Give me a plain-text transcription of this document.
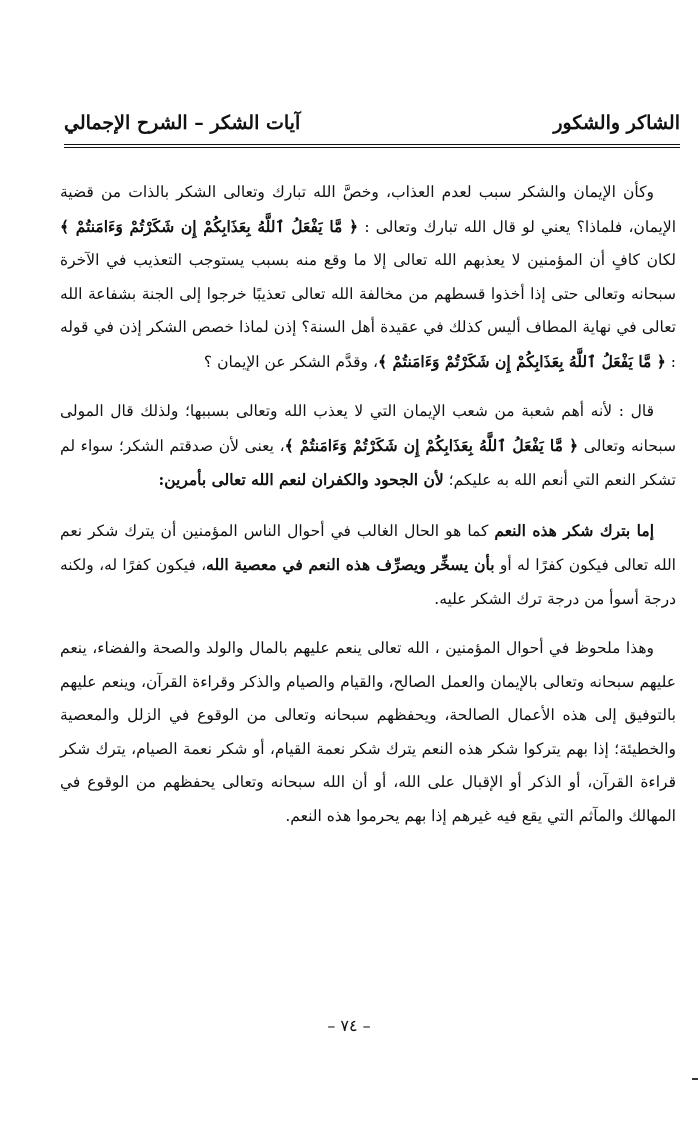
الشاكر والشكور
آيات الشكر – الشرح الإجمالي

وكأن الإيمان والشكر سبب لعدم العذاب، وخصَّ الله تبارك وتعالى الشكر بالذات من قضية الإيمان، فلماذا؟ يعني لو قال الله تبارك وتعالى : ﴿ مَّا يَفْعَلُ ٱللَّهُ بِعَذَابِكُمْ إِن شَكَرْتُمْ وَءَامَنتُمْ ﴾ لكان كافٍ أن المؤمنين لا يعذبهم الله تعالى إلا ما وقع منه بسبب يستوجب التعذيب في الآخرة سبحانه وتعالى حتى إذا أخذوا قسطهم من مخالفة الله تعالى تعذيبًا خرجوا إلى الجنة بشفاعة الله تعالى في نهاية المطاف أليس كذلك في عقيدة أهل السنة؟ إذن لماذا خصص الشكر إذن في قوله : ﴿ مَّا يَفْعَلُ ٱللَّهُ بِعَذَابِكُمْ إِن شَكَرْتُمْ وَءَامَنتُمْ ﴾، وقدَّم الشكر عن الإيمان ؟

قال : لأنه أهم شعبة من شعب الإيمان التي لا يعذب الله وتعالى بسببها؛ ولذلك قال المولى سبحانه وتعالى ﴿ مَّا يَفْعَلُ ٱللَّهُ بِعَذَابِكُمْ إِن شَكَرْتُمْ وَءَامَنتُمْ ﴾، يعنى لأن صدقتم الشكر؛ سواء لم تشكر النعم التي أنعم الله به عليكم؛ لأن الجحود والكفران لنعم الله تعالى بأمرين:

إما بترك شكر هذه النعم كما هو الحال الغالب في أحوال الناس المؤمنين أن يترك شكر نعم الله تعالى فيكون كفرًا له أو بأن يسخِّر ويصرِّف هذه النعم في معصية الله، فيكون كفرًا له، ولكنه درجة أسوأ من درجة ترك الشكر عليه.

وهذا ملحوظ في أحوال المؤمنين ، الله تعالى ينعم عليهم بالمال والولد والصحة والفضاء، ينعم عليهم سبحانه وتعالى بالإيمان والعمل الصالح، والقيام والصيام والذكر وقراءة القرآن، وينعم عليهم بالتوفيق إلى هذه الأعمال الصالحة، ويحفظهم سبحانه وتعالى من الوقوع في الزلل والمعصية والخطيئة؛ إذا بهم يتركوا شكر هذه النعم يترك شكر نعمة القيام، أو شكر نعمة الصيام، يترك شكر قراءة القرآن، أو الذكر أو الإقبال على الله، أو أن الله سبحانه وتعالى يحفظهم من الوقوع في المهالك والمآثم التي يقع فيه غيرهم إذا بهم يحرموا هذه النعم.

– ٧٤ –
